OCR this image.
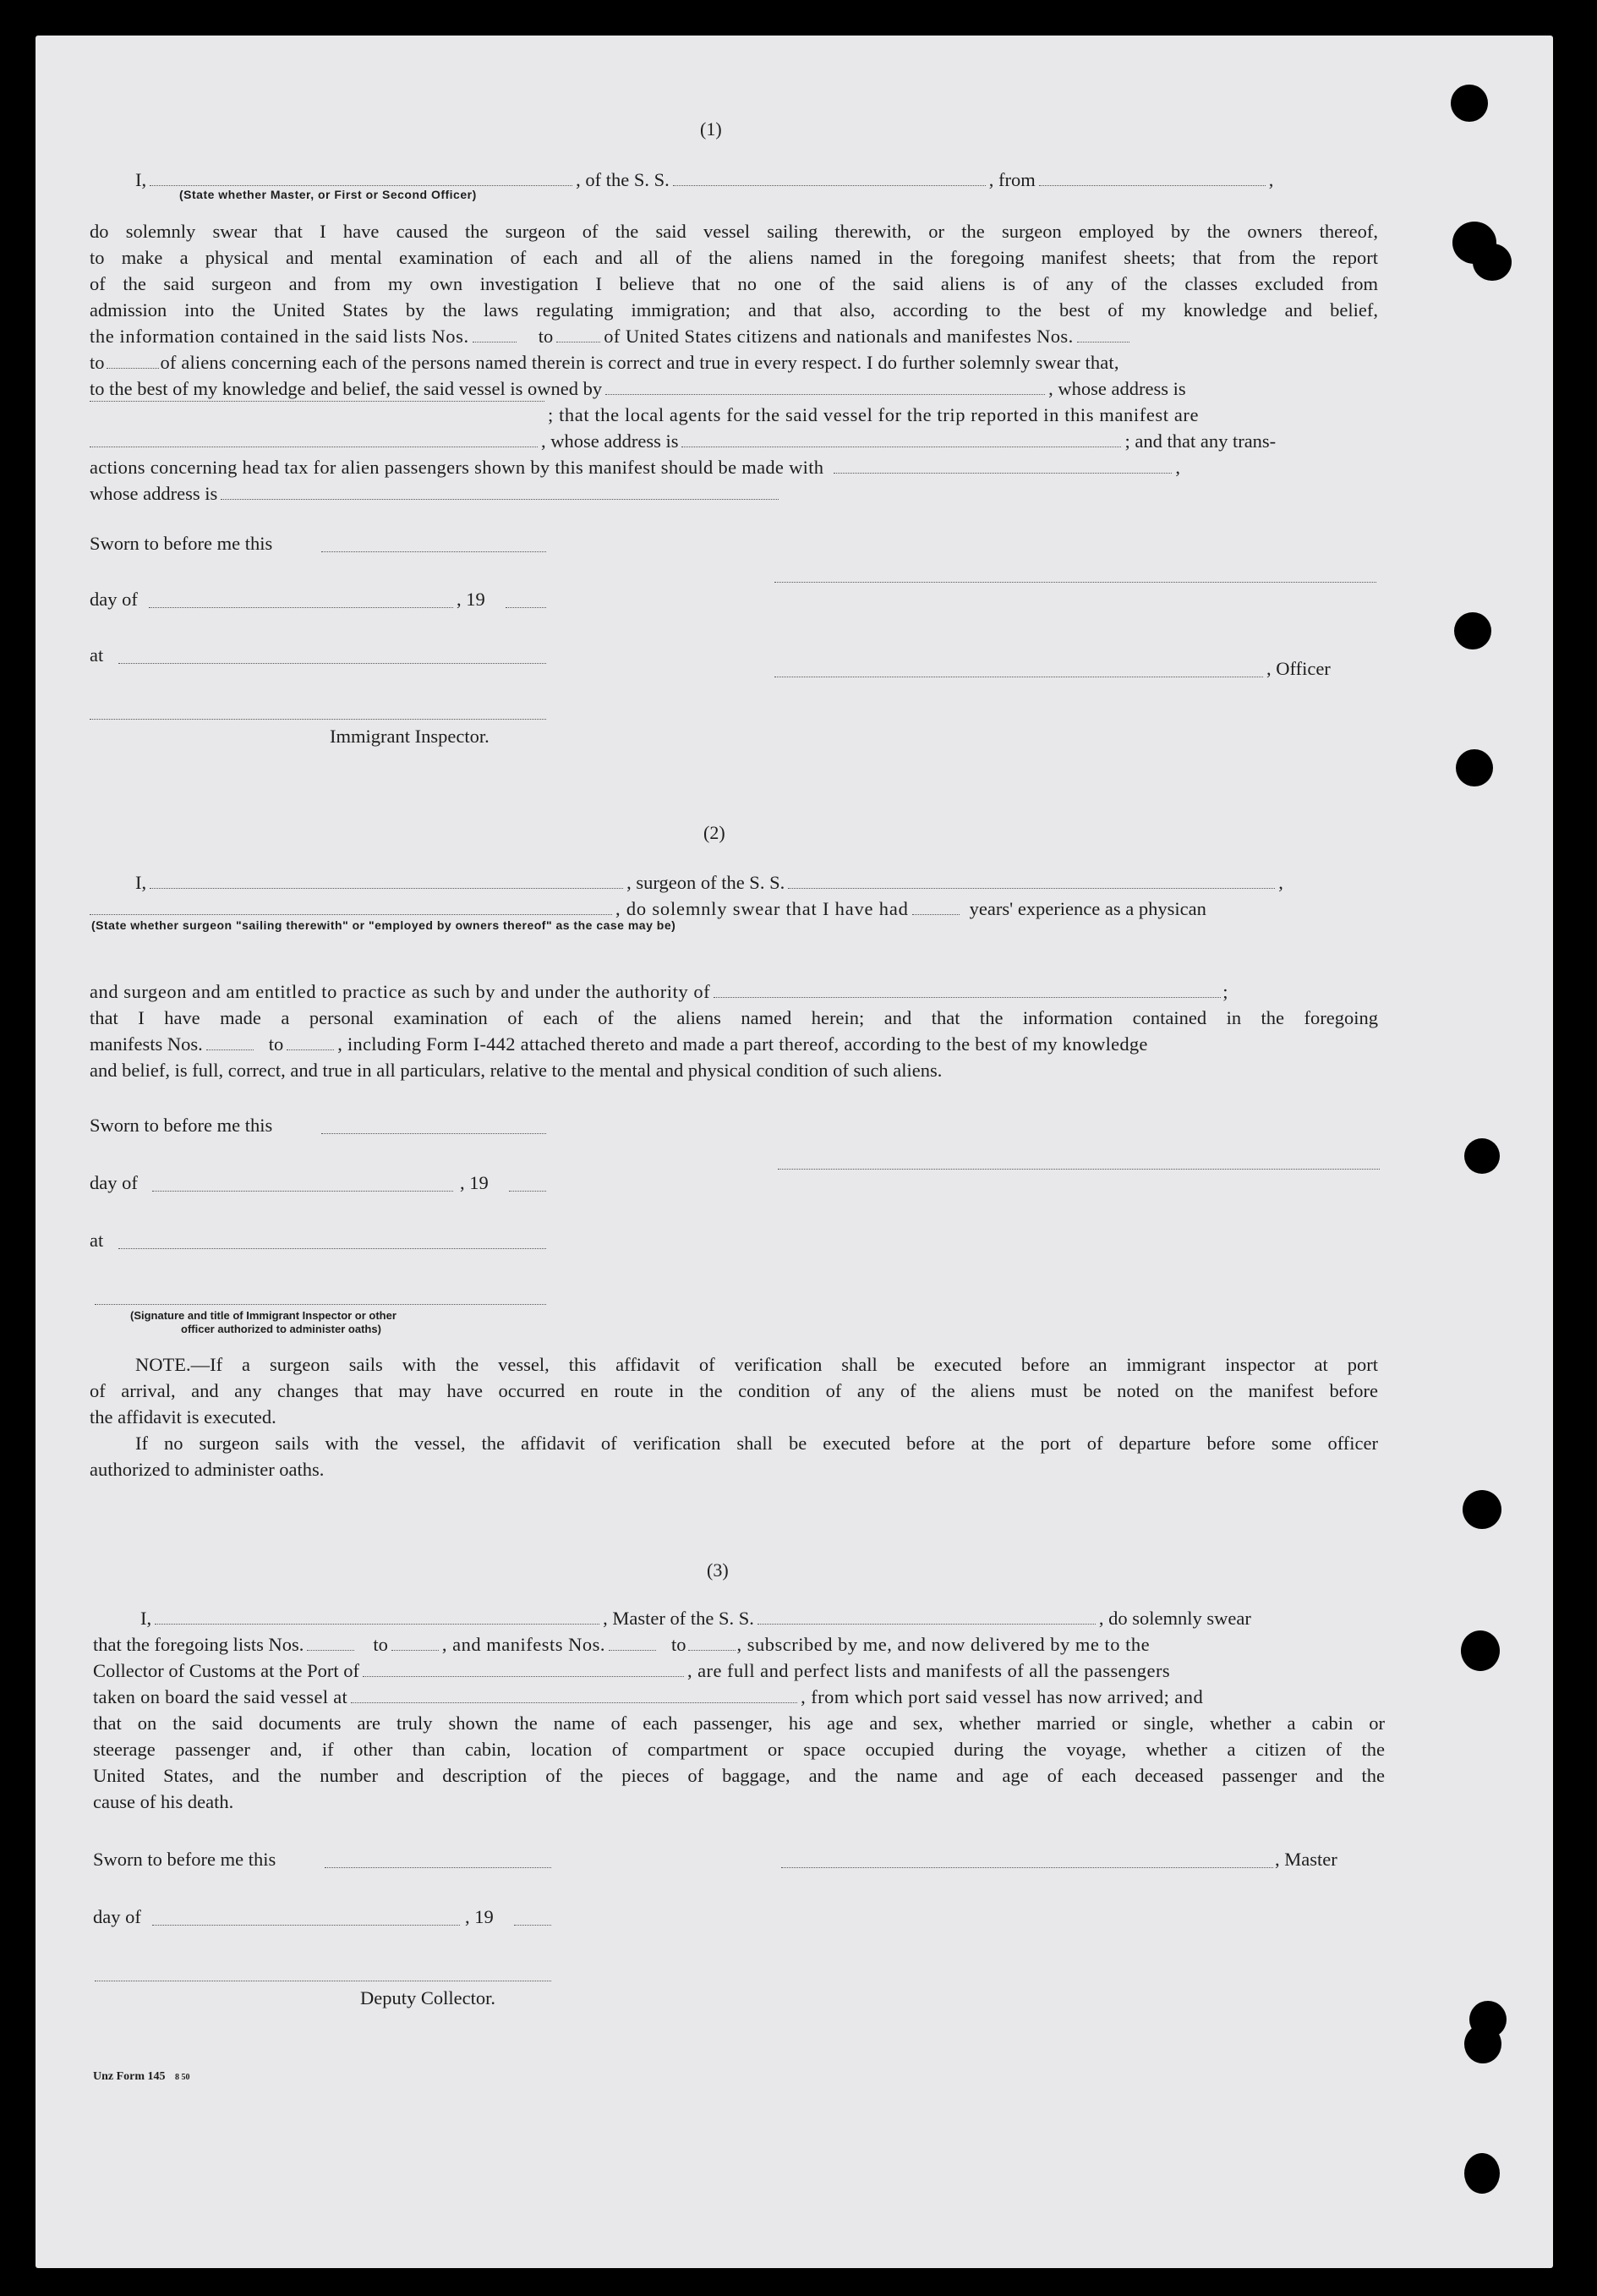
(1)
I,	, of the S. S.	, from	,
(State whether Master, or First or Second Officer)
do solemnly swear that I have caused the surgeon of the said vessel sailing therewith, or the surgeon employed by the owners thereof,
to make a physical and mental examination of each and all of the aliens named in the foregoing manifest sheets; that from the report
of the said surgeon and from my own investigation I believe that no one of the said aliens is of any of the classes excluded from
admission into the United States by the laws regulating immigration; and that also, according to the best of my knowledge and belief,
the information contained in the said lists Nos.	to	of United States citizens and nationals and manifestes Nos.
to	of aliens concerning each of the persons named therein is correct and true in every respect. I do further solemnly swear that,
to the best of my knowledge and belief, the said vessel is owned by	, whose address is
; that the local agents for the said vessel for the trip reported in this manifest are
, whose address is	; and that any trans-
actions concerning head tax for alien passengers shown by this manifest should be made with	,
whose address is
Sworn to before me this
day of	, 19
at
, Officer
Immigrant Inspector.
(2)
I,	, surgeon of the S. S.	,
, do solemnly swear that I have had	years' experience as a physican
(State whether surgeon "sailing therewith" or "employed by owners thereof" as the case may be)
and surgeon and am entitled to practice as such by and under the authority of	;
that I have made a personal examination of each of the aliens named herein; and that the information contained in the foregoing
manifests Nos.	to	, including Form I-442 attached thereto and made a part thereof, according to the best of my knowledge
and belief, is full, correct, and true in all particulars, relative to the mental and physical condition of such aliens.
Sworn to before me this
day of	, 19
at
(Signature and title of Immigrant Inspector or other
officer authorized to administer oaths)
NOTE.—If a surgeon sails with the vessel, this affidavit of verification shall be executed before an immigrant inspector at port
of arrival, and any changes that may have occurred en route in the condition of any of the aliens must be noted on the manifest before
the affidavit is executed.
If no surgeon sails with the vessel, the affidavit of verification shall be executed before at the port of departure before some officer
authorized to administer oaths.
(3)
I,	, Master of the S. S.	, do solemnly swear
that the foregoing lists Nos.	to	, and manifests Nos.	to	, subscribed by me, and now delivered by me to the
Collector of Customs at the Port of	, are full and perfect lists and manifests of all the passengers
taken on board the said vessel at	, from which port said vessel has now arrived; and
that on the said documents are truly shown the name of each passenger, his age and sex, whether married or single, whether a cabin or
steerage passenger and, if other than cabin, location of compartment or space occupied during the voyage, whether a citizen of the
United States, and the number and description of the pieces of baggage, and the name and age of each deceased passenger and the
cause of his death.
Sworn to before me this	, Master
day of	, 19
Deputy Collector.
Unz Form 145 8 50
